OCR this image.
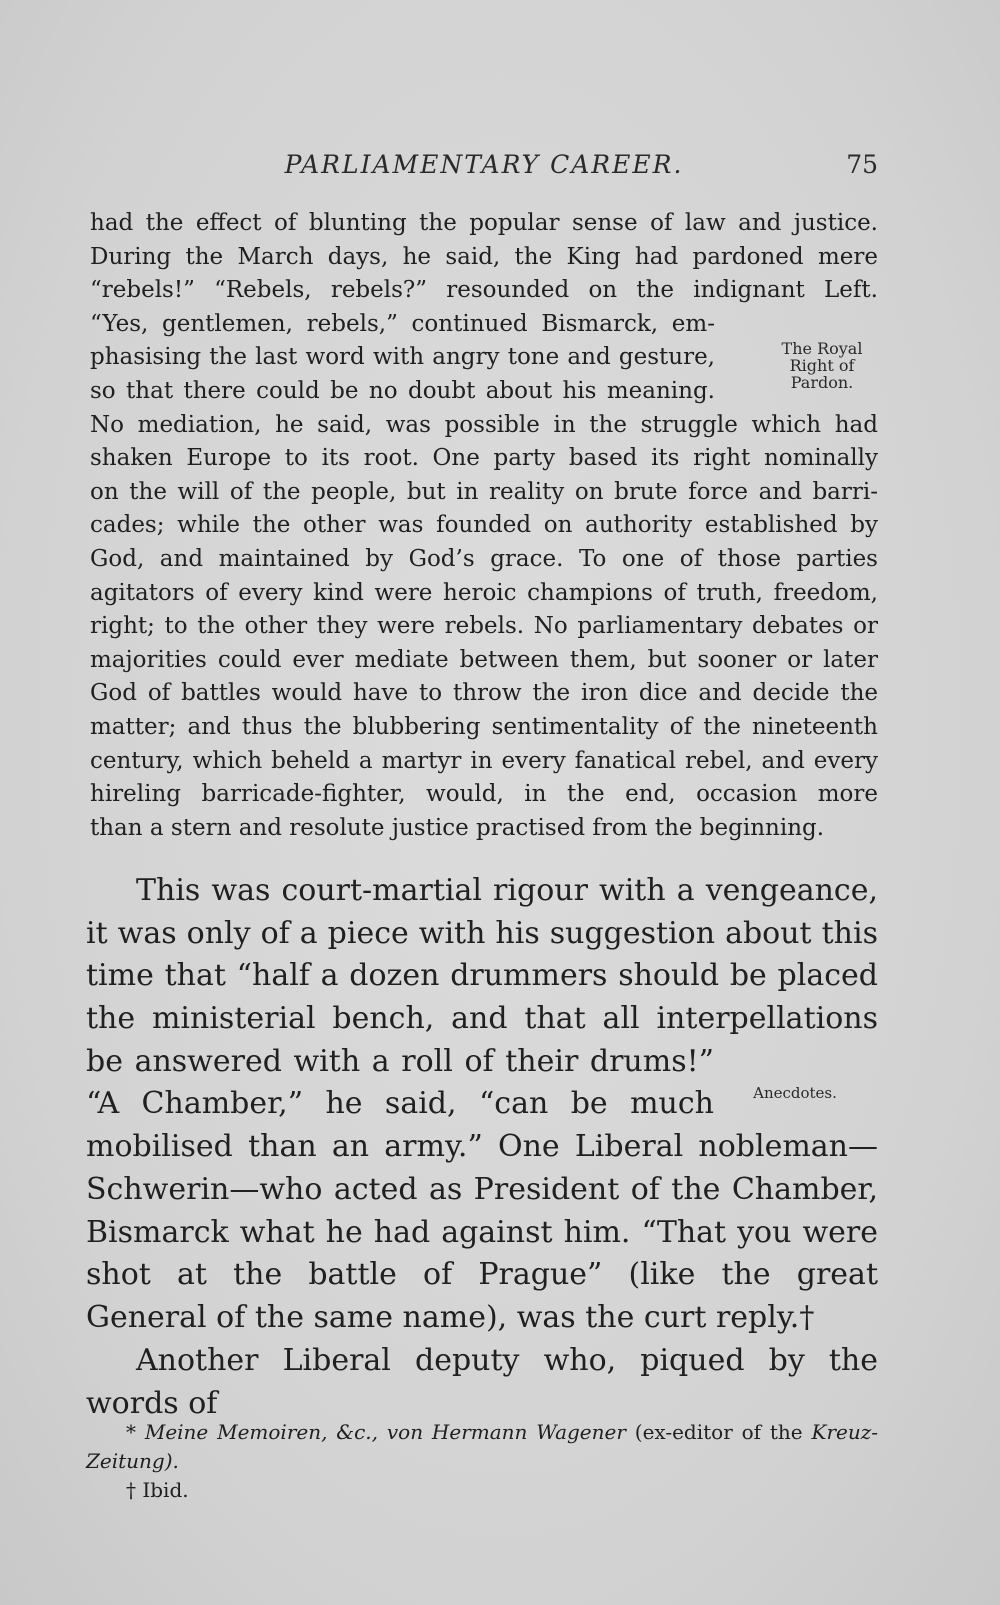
PARLIAMENTARY CAREER.	75
had the effect of blunting the popular sense of law and justice.
During the March days, he said, the King had pardoned mere
“rebels!” “Rebels, rebels?” resounded on the indignant Left.
“Yes, gentlemen, rebels,” continued Bismarck, em-
phasising the last word with angry tone and gesture,
so that there could be no doubt about his meaning.
No mediation, he said, was possible in the struggle which had
shaken Europe to its root. One party based its right nominally
on the will of the people, but in reality on brute force and barri-
cades; while the other was founded on authority established by
God, and maintained by God’s grace. To one of those parties
agitators of every kind were heroic champions of truth, freedom,
right; to the other they were rebels. No parliamentary debates or
majorities could ever mediate between them, but sooner or later
God of battles would have to throw the iron dice and decide the
matter; and thus the blubbering sentimentality of the nineteenth
century, which beheld a martyr in every fanatical rebel, and every
hireling barricade-fighter, would, in the end, occasion more
than a stern and resolute justice practised from the beginning.
The Royal
Right of
Pardon.
This was court-martial rigour with a vengeance,
it was only of a piece with his suggestion about this
time that “half a dozen drummers should be placed
the ministerial bench, and that all interpellations
be answered with a roll of their drums!”
“A Chamber,” he said, “can be much
mobilised than an army.” One Liberal nobleman—
Schwerin—who acted as President of the Chamber,
Bismarck what he had against him. “That you were
shot at the battle of Prague” (like the great
General of the same name), was the curt reply.†
Anecdotes.
Another Liberal deputy who, piqued by the words of
* Meine Memoiren, &c., von Hermann Wagener (ex-editor of the Kreuz-Zeitung).
† Ibid.
